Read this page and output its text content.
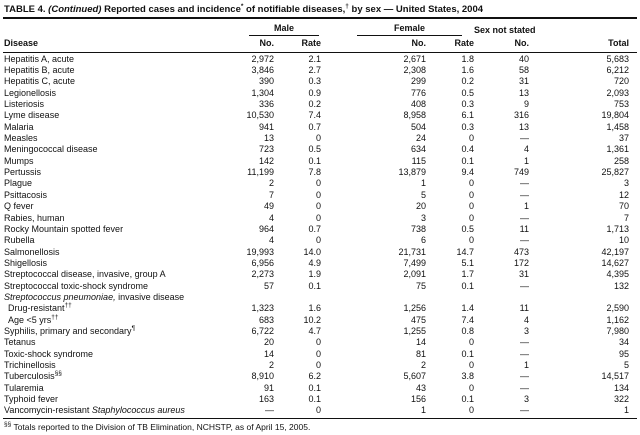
TABLE 4. (Continued) Reported cases and incidence* of notifiable diseases,† by sex — United States, 2004

	Male		Female		Sex not stated	
Disease	No.	Rate	No.	Rate	No.	Total
Hepatitis A, acute	2,972	2.1	2,671	1.8	40	5,683
Hepatitis B, acute	3,846	2.7	2,308	1.6	58	6,212
Hepatitis C, acute	390	0.3	299	0.2	31	720
Legionellosis	1,304	0.9	776	0.5	13	2,093
Listeriosis	336	0.2	408	0.3	9	753
Lyme disease	10,530	7.4	8,958	6.1	316	19,804
Malaria	941	0.7	504	0.3	13	1,458
Measles	13	0	24	0	—	37
Meningococcal disease	723	0.5	634	0.4	4	1,361
Mumps	142	0.1	115	0.1	1	258
Pertussis	11,199	7.8	13,879	9.4	749	25,827
Plague	2	0	1	0	—	3
Psittacosis	7	0	5	0	—	12
Q fever	49	0	20	0	1	70
Rabies, human	4	0	3	0	—	7
Rocky Mountain spotted fever	964	0.7	738	0.5	11	1,713
Rubella	4	0	6	0	—	10
Salmonellosis	19,993	14.0	21,731	14.7	473	42,197
Shigellosis	6,956	4.9	7,499	5.1	172	14,627
Streptococcal disease, invasive, group A	2,273	1.9	2,091	1.7	31	4,395
Streptococcal toxic-shock syndrome	57	0.1	75	0.1	—	132
Streptococcus pneumoniae, invasive disease						
Drug-resistant††	1,323	1.6	1,256	1.4	11	2,590
Age <5 yrs††	683	10.2	475	7.4	4	1,162
Syphilis, primary and secondary¶	6,722	4.7	1,255	0.8	3	7,980
Tetanus	20	0	14	0	—	34
Toxic-shock syndrome	14	0	81	0.1	—	95
Trichinellosis	2	0	2	0	1	5
Tuberculosis§§	8,910	6.2	5,607	3.8	—	14,517
Tularemia	91	0.1	43	0	—	134
Typhoid fever	163	0.1	156	0.1	3	322
Vancomycin-resistant Staphylococcus aureus	—	0	1	0	—	1
§§ Totals reported to the Division of TB Elimination, NCHSTP, as of April 15, 2005.
